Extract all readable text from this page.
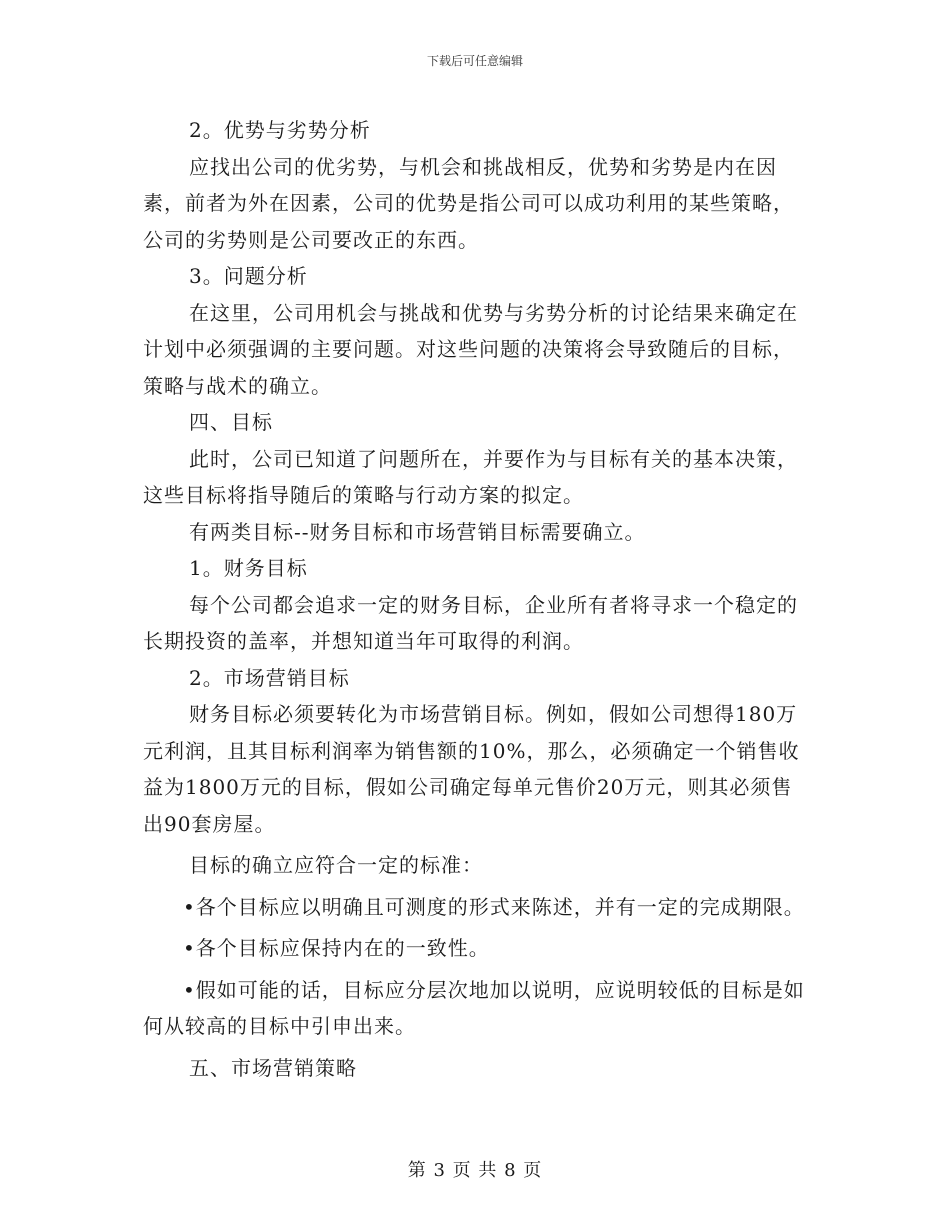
下载后可任意编辑

2。优势与劣势分析

应找出公司的优劣势，与机会和挑战相反，优势和劣势是内在因素，前者为外在因素，公司的优势是指公司可以成功利用的某些策略，公司的劣势则是公司要改正的东西。

3。问题分析

在这里，公司用机会与挑战和优势与劣势分析的讨论结果来确定在计划中必须强调的主要问题。对这些问题的决策将会导致随后的目标，策略与战术的确立。

四、目标

此时，公司已知道了问题所在，并要作为与目标有关的基本决策，这些目标将指导随后的策略与行动方案的拟定。

有两类目标--财务目标和市场营销目标需要确立。

1。财务目标

每个公司都会追求一定的财务目标，企业所有者将寻求一个稳定的长期投资的盖率，并想知道当年可取得的利润。

2。市场营销目标

财务目标必须要转化为市场营销目标。例如，假如公司想得180万元利润，且其目标利润率为销售额的10%，那么，必须确定一个销售收益为1800万元的目标，假如公司确定每单元售价20万元，则其必须售出90套房屋。

目标的确立应符合一定的标准：

•各个目标应以明确且可测度的形式来陈述，并有一定的完成期限。

•各个目标应保持内在的一致性。

•假如可能的话，目标应分层次地加以说明，应说明较低的目标是如何从较高的目标中引申出来。

五、市场营销策略

第 3 页 共 8 页
